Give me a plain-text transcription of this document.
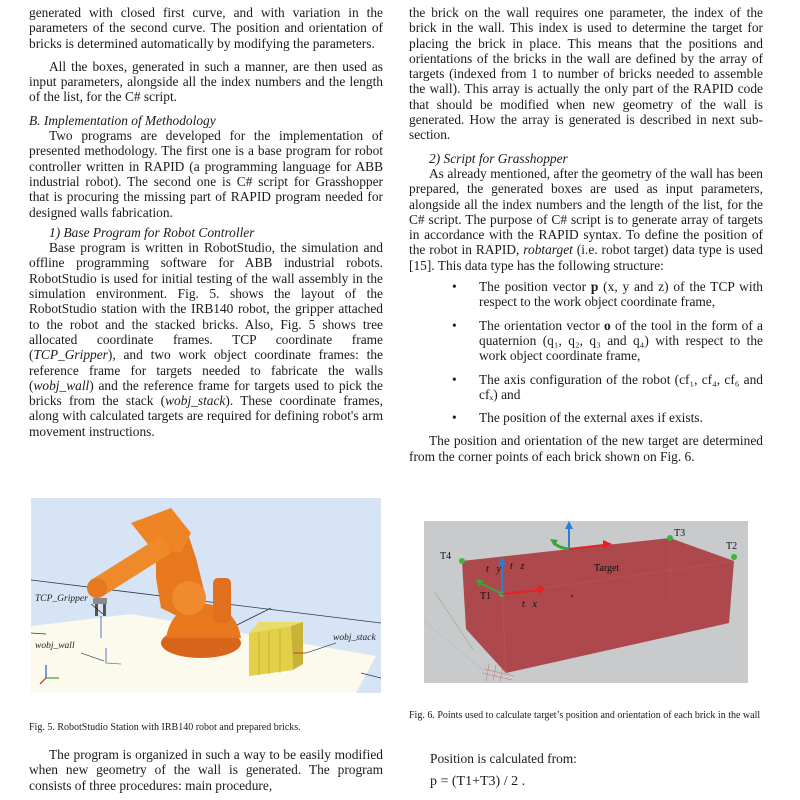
generated with closed first curve, and with variation in the parameters of the second curve. The position and orientation of bricks is determined automatically by modifying the parameters.

All the boxes, generated in such a manner, are then used as input parameters, alongside all the index numbers and the length of the list, for the C# script.

B. Implementation of Methodology

Two programs are developed for the implementation of presented methodology. The first one is a base program for robot controller written in RAPID (a programming language for ABB industrial robot). The second one is C# script for Grasshopper that is procuring the missing part of RAPID program needed for designed walls fabrication.

1) Base Program for Robot Controller

Base program is written in RobotStudio, the simulation and offline programming software for ABB industrial robots. RobotStudio is used for initial testing of the wall assembly in the simulation environment. Fig. 5. shows the layout of the RobotStudio station with the IRB140 robot, the gripper attached to the robot and the stacked bricks. Also, Fig. 5 shows tree allocated coordinate frames. TCP coordinate frame (TCP_Gripper), and two work object coordinate frames: the reference frame for targets needed to fabricate the walls (wobj_wall) and the reference frame for targets used to pick the bricks from the stack (wobj_stack). These coordinate frames, along with calculated targets are required for defining robot's arm movement instructions.

TCP_Gripper
wobj_wall
wobj_stack
Fig. 5. RobotStudio Station with IRB140 robot and prepared bricks.

The program is organized in such a way to be easily modified when new geometry of the wall is generated. The program consists of three procedures: main procedure,

the brick on the wall requires one parameter, the index of the brick in the wall. This index is used to determine the target for placing the brick in place. This means that the positions and orientations of the bricks in the wall are defined by the array of targets (indexed from 1 to number of bricks needed to assemble the wall). This array is actually the only part of the RAPID code that should be modified when new geometry of the wall is generated. How the array is generated is described in next sub-section.

2) Script for Grasshopper

As already mentioned, after the geometry of the wall has been prepared, the generated boxes are used as input parameters, alongside all the index numbers and the length of the list, for the C# script. The purpose of C# script is to generate array of targets in accordance with the RAPID syntax. To define the position of the robot in RAPID, robtarget (i.e. robot target) data type is used [15]. This data type has the following structure:

• The position vector p (x, y and z) of the TCP with respect to the work object coordinate frame,
• The orientation vector o of the tool in the form of a quaternion (q₁, q₂, q₃ and q₄) with respect to the work object coordinate frame,
• The axis configuration of the robot (cf₁, cf₄, cf₆ and cfₓ) and
• The position of the external axes if exists.

The position and orientation of the new target are determined from the corner points of each brick shown on Fig. 6.

T4
T1
T3
T2
Target
t⃗z
t⃗y
t⃗x
Fig. 6. Points used to calculate target’s position and orientation of each brick in the wall
Position is calculated from:
p = (T1+T3) / 2 .
